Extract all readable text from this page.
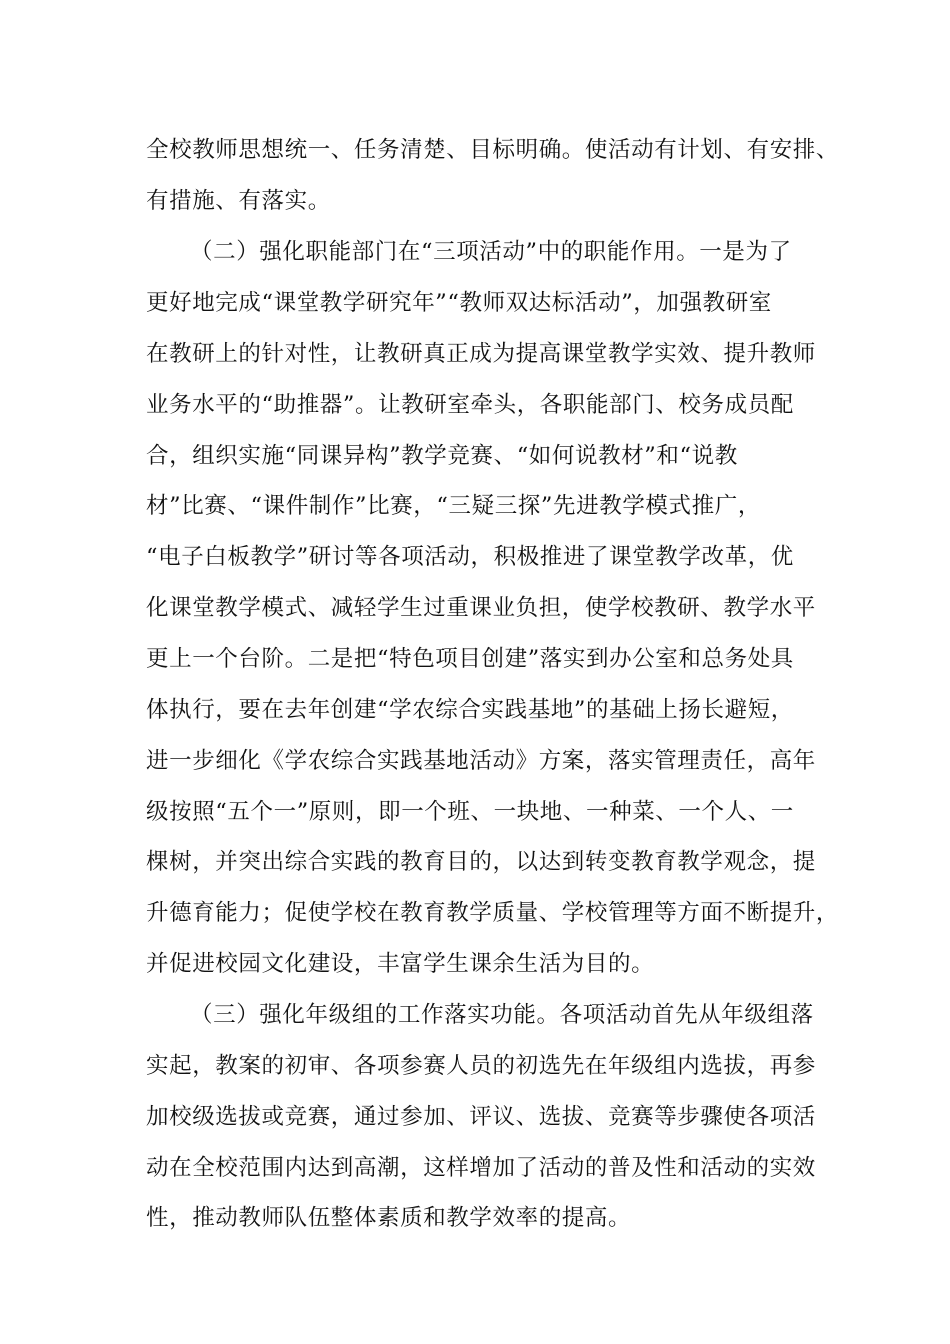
全校教师思想统一、任务清楚、目标明确。使活动有计划、有安排、
有措施、有落实。
（二）强化职能部门在“三项活动”中的职能作用。一是为了
更好地完成“课堂教学研究年”“教师双达标活动”，加强教研室
在教研上的针对性，让教研真正成为提高课堂教学实效、提升教师
业务水平的“助推器”。让教研室牵头，各职能部门、校务成员配
合，组织实施“同课异构”教学竞赛、“如何说教材”和“说教
材”比赛、“课件制作”比赛，“三疑三探”先进教学模式推广，
“电子白板教学”研讨等各项活动，积极推进了课堂教学改革，优
化课堂教学模式、减轻学生过重课业负担，使学校教研、教学水平
更上一个台阶。二是把“特色项目创建”落实到办公室和总务处具
体执行，要在去年创建“学农综合实践基地”的基础上扬长避短，
进一步细化《学农综合实践基地活动》方案，落实管理责任，高年
级按照“五个一”原则，即一个班、一块地、一种菜、一个人、一
棵树，并突出综合实践的教育目的，以达到转变教育教学观念，提
升德育能力；促使学校在教育教学质量、学校管理等方面不断提升，
并促进校园文化建设，丰富学生课余生活为目的。
（三）强化年级组的工作落实功能。各项活动首先从年级组落
实起，教案的初审、各项参赛人员的初选先在年级组内选拔，再参
加校级选拔或竞赛，通过参加、评议、选拔、竞赛等步骤使各项活
动在全校范围内达到高潮，这样增加了活动的普及性和活动的实效
性，推动教师队伍整体素质和教学效率的提高。
